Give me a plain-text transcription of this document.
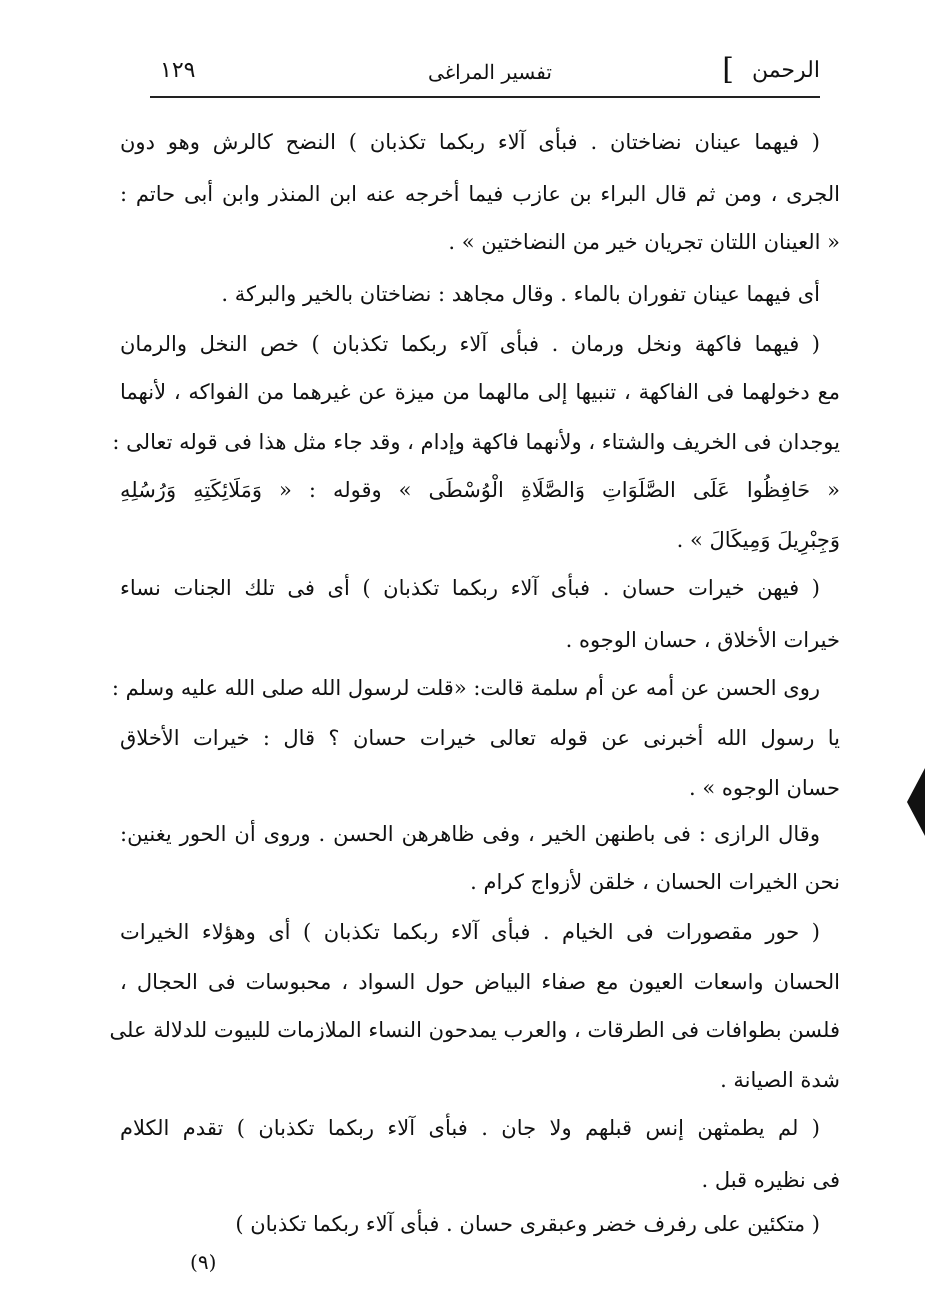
الرحمن
]
تفسير المراغى
١٢٩
( فيهما عينان نضاختان . فبأى آلاء ربكما تكذبان ) النضح كالرش وهو دون
الجرى ، ومن ثم قال البراء بن عازب فيما أخرجه عنه ابن المنذر وابن أبى حاتم :
« العينان اللتان تجريان خير من النضاختين » .
أى فيهما عينان تفوران بالماء . وقال مجاهد : نضاختان بالخير والبركة .
( فيهما فاكهة ونخل ورمان . فبأى آلاء ربكما تكذبان ) خص النخل والرمان
مع دخولهما فى الفاكهة ، تنبيها إلى مالهما من ميزة عن غيرهما من الفواكه ، لأنهما
يوجدان فى الخريف والشتاء ، ولأنهما فاكهة وإدام ، وقد جاء مثل هذا فى قوله تعالى :
« حَافِظُوا عَلَى الصَّلَوَاتِ وَالصَّلَاةِ الْوُسْطَى » وقوله : « وَمَلَائِكَتِهِ وَرُسُلِهِ
وَجِبْرِيلَ وَمِيكَالَ » .
( فيهن خيرات حسان . فبأى آلاء ربكما تكذبان ) أى فى تلك الجنات نساء
خيرات الأخلاق ، حسان الوجوه .
روى الحسن عن أمه عن أم سلمة قالت: «قلت لرسول الله صلى الله عليه وسلم :
يا رسول الله أخبرنى عن قوله تعالى خيرات حسان ؟ قال : خيرات الأخلاق
حسان الوجوه » .
وقال الرازى : فى باطنهن الخير ، وفى ظاهرهن الحسن . وروى أن الحور يغنين:
نحن الخيرات الحسان ، خلقن لأزواج كرام .
( حور مقصورات فى الخيام . فبأى آلاء ربكما تكذبان ) أى وهؤلاء الخيرات
الحسان واسعات العيون مع صفاء البياض حول السواد ، محبوسات فى الحجال ،
فلسن بطوافات فى الطرقات ، والعرب يمدحون النساء الملازمات للبيوت للدلالة على
شدة الصيانة .
( لم يطمثهن إنس قبلهم ولا جان . فبأى آلاء ربكما تكذبان ) تقدم الكلام
فى نظيره قبل .
( متكئين على رفرف خضر وعبقرى حسان . فبأى آلاء ربكما تكذبان )
(٩)
